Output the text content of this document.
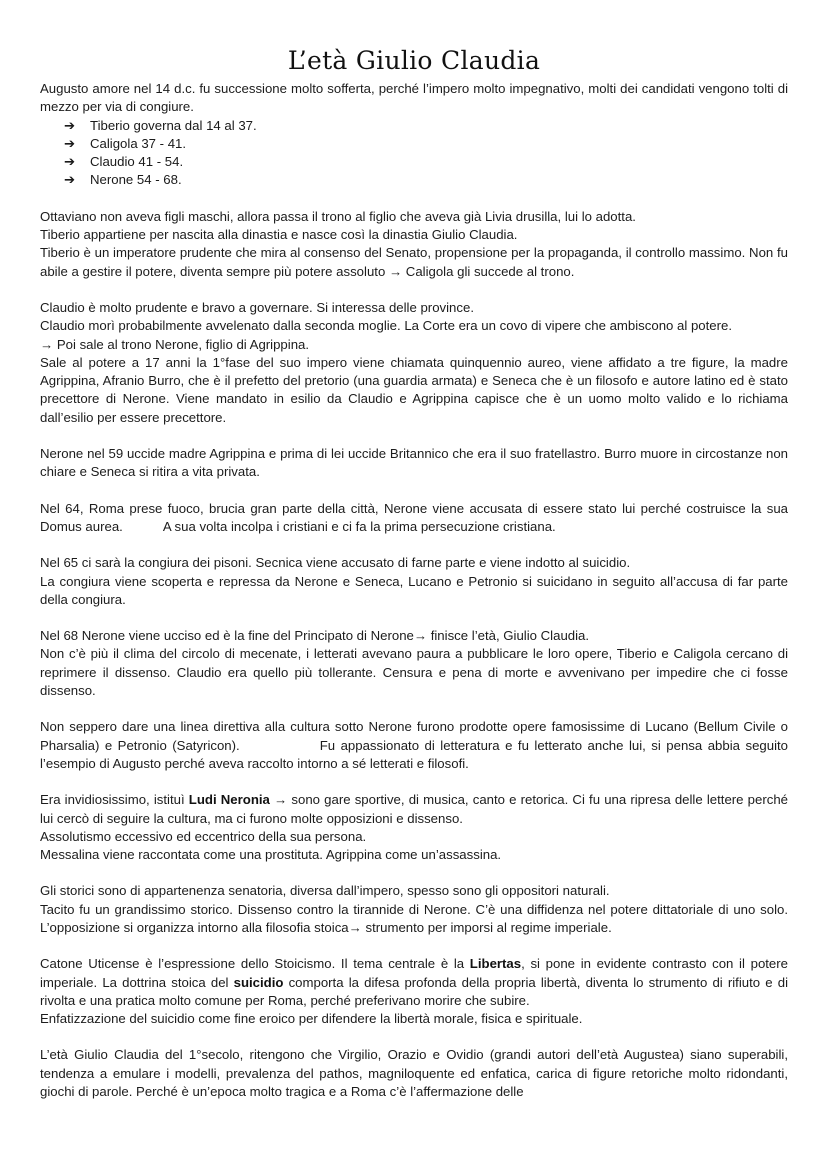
L’età Giulio Claudia

Augusto amore nel 14 d.c. fu successione molto sofferta, perché l’impero molto impegnativo, molti dei candidati vengono tolti di mezzo per via di congiure.

➔	Tiberio governa dal 14 al 37.
➔	Caligola 37 - 41.
➔	Claudio 41 - 54.
➔	Nerone 54 - 68.

Ottaviano non aveva figli maschi, allora passa il trono al figlio che aveva già Livia drusilla, lui lo adotta.

Tiberio appartiene per nascita alla dinastia e nasce così la dinastia Giulio Claudia.

Tiberio è un imperatore prudente che mira al consenso del Senato, propensione per la propaganda, il controllo massimo. Non fu abile a gestire il potere, diventa sempre più potere assoluto → Caligola gli succede al trono.

Claudio è molto prudente e bravo a governare. Si interessa delle province.

Claudio morì probabilmente avvelenato dalla seconda moglie. La Corte era un covo di vipere che ambiscono al potere.

→ Poi sale al trono Nerone, figlio di Agrippina.

Sale al potere a 17 anni la 1°fase del suo impero viene chiamata quinquennio aureo, viene affidato a tre figure, la madre Agrippina, Afranio Burro, che è il prefetto del pretorio (una guardia armata) e Seneca che è un filosofo e autore latino ed è stato precettore di Nerone. Viene mandato in esilio da Claudio e Agrippina capisce che è un uomo molto valido e lo richiama dall’esilio per essere precettore.

Nerone nel 59 uccide madre Agrippina e prima di lei uccide Britannico che era il suo fratellastro. Burro muore in circostanze non chiare e Seneca si ritira a vita privata.

Nel 64, Roma prese fuoco, brucia gran parte della città, Nerone viene accusata di essere stato lui perché costruisce la sua Domus aurea.	A sua volta incolpa i cristiani e ci fa la prima persecuzione cristiana.

Nel 65 ci sarà la congiura dei pisoni. Secnica viene accusato di farne parte e viene indotto al suicidio.

La congiura viene scoperta e repressa da Nerone e Seneca, Lucano e Petronio si suicidano in seguito all’accusa di far parte della congiura.

Nel 68 Nerone viene ucciso ed è la fine del Principato di Nerone→ finisce l’età, Giulio Claudia.

Non c’è più il clima del circolo di mecenate, i letterati avevano paura a pubblicare le loro opere, Tiberio e Caligola cercano di reprimere il dissenso. Claudio era quello più tollerante. Censura e pena di morte e avvenivano per impedire che ci fosse dissenso.

Non seppero dare una linea direttiva alla cultura sotto Nerone furono prodotte opere famosissime di Lucano (Bellum Civile o Pharsalia) e Petronio (Satyricon).	Fu appassionato di letteratura e fu letterato anche lui, si pensa abbia seguito l’esempio di Augusto perché aveva raccolto intorno a sé letterati e filosofi.

Era invidiosissimo, istituì Ludi Neronia → sono gare sportive, di musica, canto e retorica. Ci fu una ripresa delle lettere perché lui cercò di seguire la cultura, ma ci furono molte opposizioni e dissenso.

Assolutismo eccessivo ed eccentrico della sua persona.

Messalina viene raccontata come una prostituta. Agrippina come un’assassina.

Gli storici sono di appartenenza senatoria, diversa dall’impero, spesso sono gli oppositori naturali.

Tacito fu un grandissimo storico. Dissenso contro la tirannide di Nerone. C’è una diffidenza nel potere dittatoriale di uno solo. L’opposizione si organizza intorno alla filosofia stoica→ strumento per imporsi al regime imperiale.

Catone Uticense è l’espressione dello Stoicismo. Il tema centrale è la Libertas, si pone in evidente contrasto con il potere imperiale. La dottrina stoica del suicidio comporta la difesa profonda della propria libertà, diventa lo strumento di rifiuto e di rivolta e una pratica molto comune per Roma, perché preferivano morire che subire.

Enfatizzazione del suicidio come fine eroico per difendere la libertà morale, fisica e spirituale.

L’età Giulio Claudia del 1°secolo, ritengono che Virgilio, Orazio e Ovidio (grandi autori dell’età Augustea) siano superabili, tendenza a emulare i modelli, prevalenza del pathos, magniloquente ed enfatica, carica di figure retoriche molto ridondanti, giochi di parole. Perché è un’epoca molto tragica e a Roma c’è l’affermazione delle
